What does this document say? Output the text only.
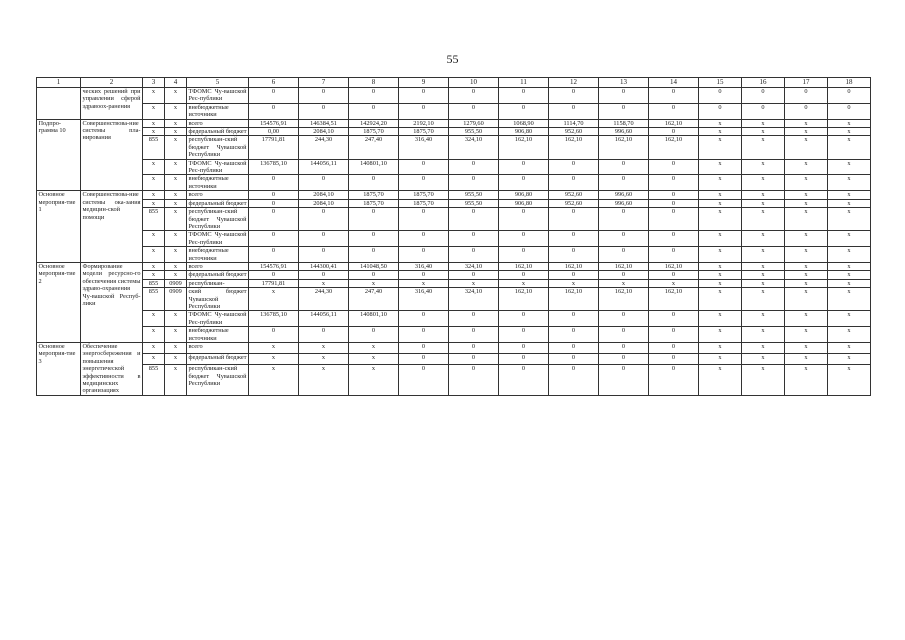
55
1	2	3	4	5	6	7	8	9	10	11	12	13	14	15	16	17	18
	ческих решений при управлении сферой здравоох-ранения	х	х	ТФОМС Чу-вашской Рес-публики	0	0	0	0	0	0	0	0	0	0	0	0	0
		х	х	внебюджетные источники	0	0	0	0	0	0	0	0	0	0	0	0	0
Подпро-грамма 10	Совершенствова-ние системы пла-нирования	х	х	всего	154576,91	146384,51	142924,20	2192,10	1279,60	1068,90	1114,70	1158,70	162,10	х	х	х	х
		х	х	федеральный бюджет	0,00	2084,10	1875,70	1875,70	955,50	906,80	952,60	996,60	0	х	х	х	х
		855	х	республикан-ский бюджет Чувашской Республики	17791,81	244,30	247,40	316,40	324,10	162,10	162,10	162,10	162,10	х	х	х	х
		х	х	ТФОМС Чу-вашской Рес-публики	136785,10	144056,11	140801,10	0	0	0	0	0	0	х	х	х	х
		х	х	внебюджетные источники	0	0	0	0	0	0	0	0	0	х	х	х	х
Основное мероприя-тие 1	Совершенствова-ние системы ока-зания медицин-ской помощи	х	х	всего	0	2084,10	1875,70	1875,70	955,50	906,80	952,60	996,60	0	х	х	х	х
		х	х	федеральный бюджет	0	2084,10	1875,70	1875,70	955,50	906,80	952,60	996,60	0	х	х	х	х
		855	х	республикан-ский бюджет Чувашской Республики	0	0	0	0	0	0	0	0	0	х	х	х	х
		х	х	ТФОМС Чу-вашской Рес-публики	0	0	0	0	0	0	0	0	0	х	х	х	х
		х	х	внебюджетные источники	0	0	0	0	0	0	0	0	0	х	х	х	х
Основное мероприя-тие 2	Формирование модели ресурсно-го обеспечения системы здраво-охранения Чу-вашской Респуб-лики	х	х	всего	154576,91	144300,41	141048,50	316,40	324,10	162,10	162,10	162,10	162,10	х	х	х	х
		х	х	федеральный бюджет	0	0	0	0	0	0	0	0	0	х	х	х	х
		855	0909	республикан-	17791,81	х	х	х	х	х	х	х	х	х	х	х	х
		855	0909	ский бюджет Чувашской Республики	х	244,30	247,40	316,40	324,10	162,10	162,10	162,10	162,10	х	х	х	х
		х	х	ТФОМС Чу-вашской Рес-публики	136785,10	144056,11	140801,10	0	0	0	0	0	0	х	х	х	х
		х	х	внебюджетные источники	0	0	0	0	0	0	0	0	0	х	х	х	х
Основное мероприя-тие 3	Обеспечение энергосбережения и повышения энергетической эффективности в медицинских организациях	х	х	всего	х	х	х	0	0	0	0	0	0	х	х	х	х
		х	х	федеральный бюджет	х	х	х	0	0	0	0	0	0	х	х	х	х
		855	х	республикан-ский бюджет Чувашской Республики	х	х	х	0	0	0	0	0	0	х	х	х	х
